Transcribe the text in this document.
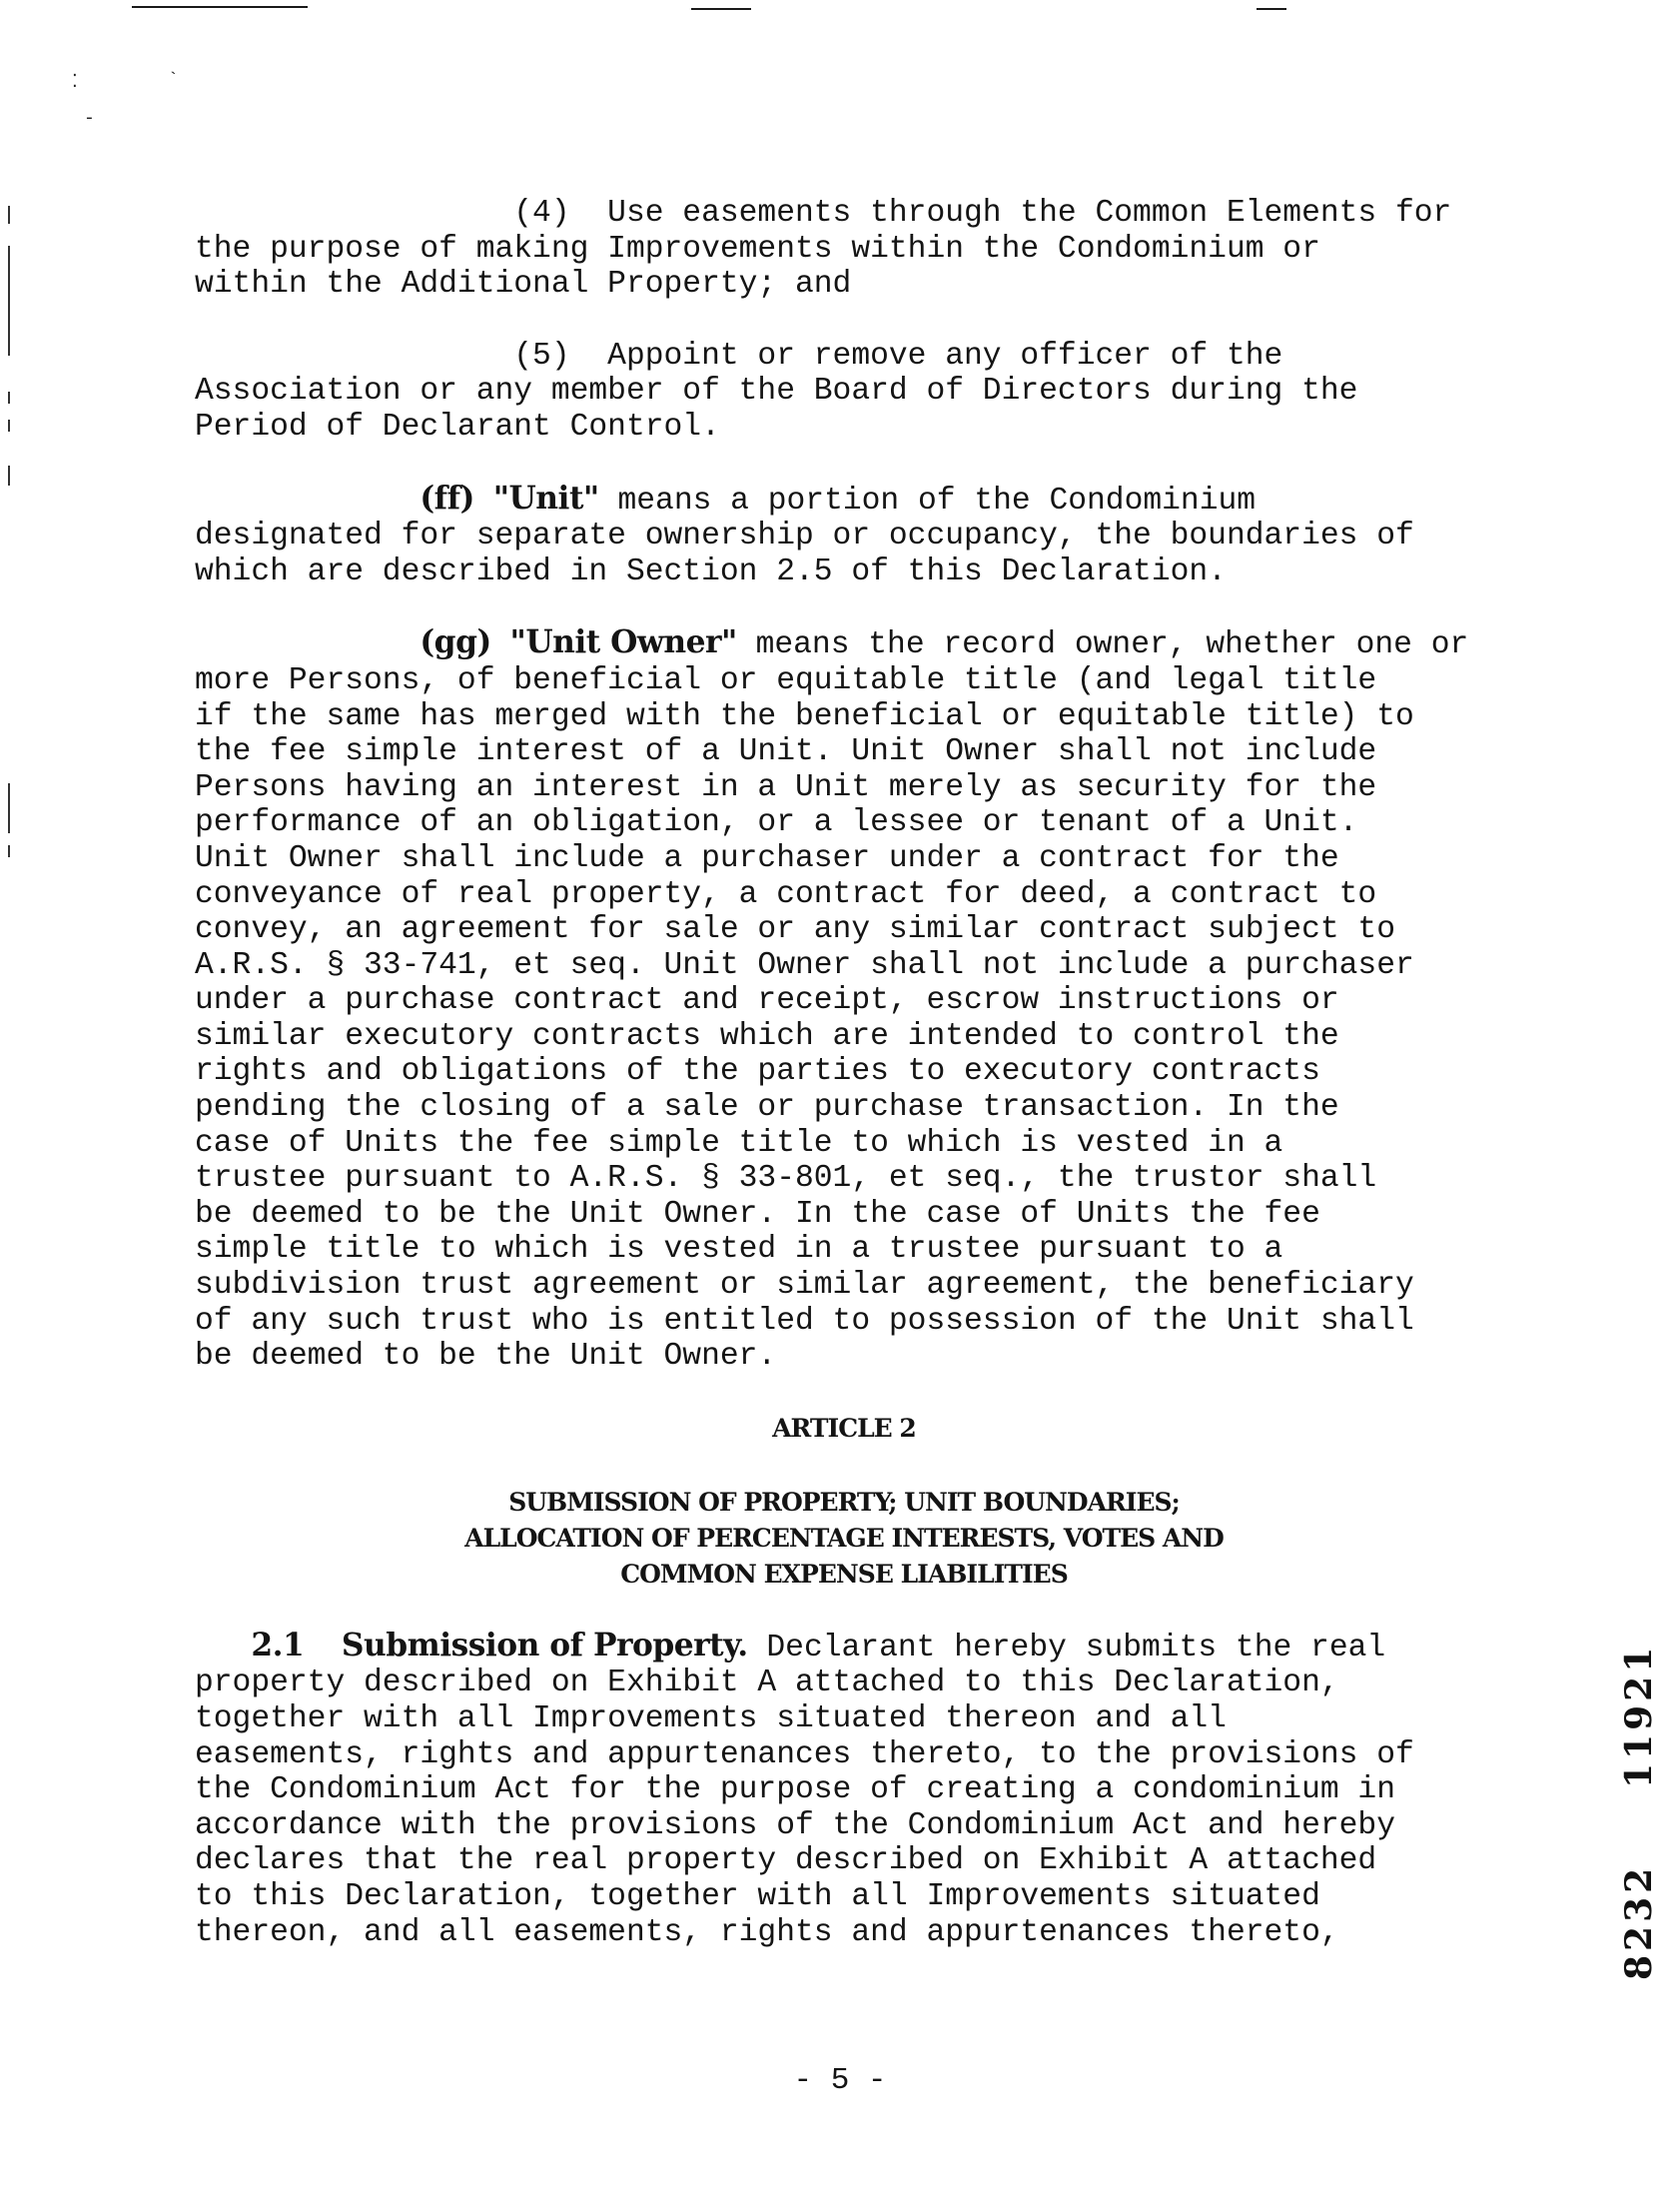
⁚	`
-

(4)  Use easements through the Common Elements for
the purpose of making Improvements within the Condominium or
within the Additional Property; and

(5)  Appoint or remove any officer of the
Association or any member of the Board of Directors during the
Period of Declarant Control.

(ff) "Unit" means a portion of the Condominium
designated for separate ownership or occupancy, the boundaries of
which are described in Section 2.5 of this Declaration.

(gg) "Unit Owner" means the record owner, whether one or
more Persons, of beneficial or equitable title (and legal title
if the same has merged with the beneficial or equitable title) to
the fee simple interest of a Unit. Unit Owner shall not include
Persons having an interest in a Unit merely as security for the
performance of an obligation, or a lessee or tenant of a Unit.
Unit Owner shall include a purchaser under a contract for the
conveyance of real property, a contract for deed, a contract to
convey, an agreement for sale or any similar contract subject to
A.R.S. § 33-741, et seq. Unit Owner shall not include a purchaser
under a purchase contract and receipt, escrow instructions or
similar executory contracts which are intended to control the
rights and obligations of the parties to executory contracts
pending the closing of a sale or purchase transaction. In the
case of Units the fee simple title to which is vested in a
trustee pursuant to A.R.S. § 33-801, et seq., the trustor shall
be deemed to be the Unit Owner. In the case of Units the fee
simple title to which is vested in a trustee pursuant to a
subdivision trust agreement or similar agreement, the beneficiary
of any such trust who is entitled to possession of the Unit shall
be deemed to be the Unit Owner.

ARTICLE 2
SUBMISSION OF PROPERTY; UNIT BOUNDARIES;
ALLOCATION OF PERCENTAGE INTERESTS, VOTES AND
COMMON EXPENSE LIABILITIES

2.1 Submission of Property. Declarant hereby submits the real
property described on Exhibit A attached to this Declaration,
together with all Improvements situated thereon and all
easements, rights and appurtenances thereto, to the provisions of
the Condominium Act for the purpose of creating a condominium in
accordance with the provisions of the Condominium Act and hereby
declares that the real property described on Exhibit A attached
to this Declaration, together with all Improvements situated
thereon, and all easements, rights and appurtenances thereto,

- 5 -
11921
8232
